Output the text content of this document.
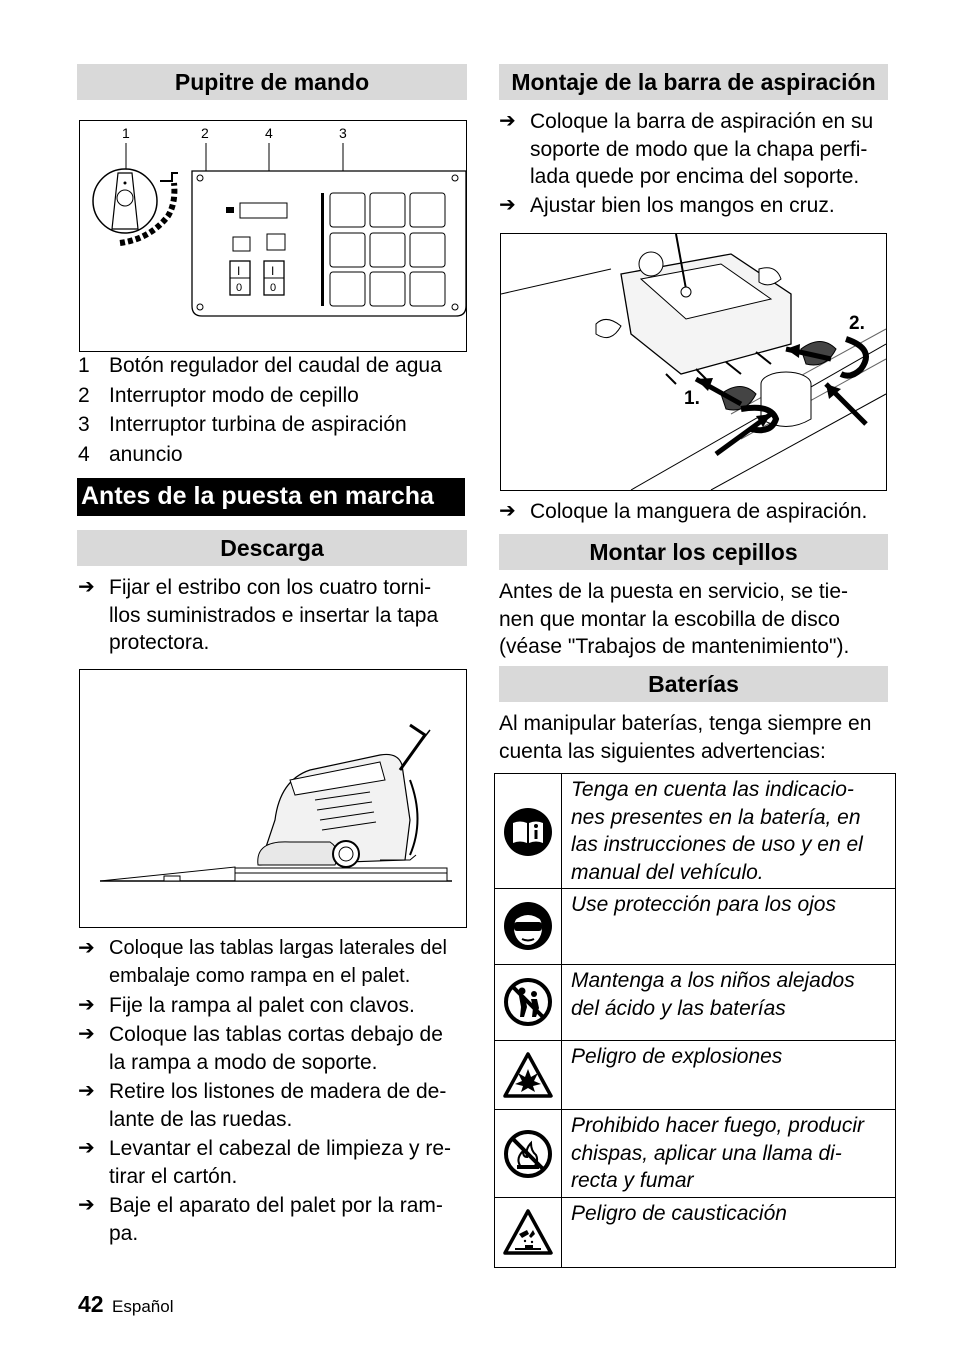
Pupitre de mando
1	2	4	3
I
0
I
0
1 Botón regulador del caudal de agua
2 Interruptor modo de cepillo
3 Interruptor turbina de aspiración
4 anuncio
Antes de la puesta en marcha
Descarga
➔ Fijar el estribo con los cuatro torni-
llos suministrados e insertar la tapa
protectora.
➔ Coloque las tablas largas laterales del
embalaje como rampa en el palet.
➔ Fije la rampa al palet con clavos.
➔ Coloque las tablas cortas debajo de
la rampa a modo de soporte.
➔ Retire los listones de madera de de-
lante de las ruedas.
➔ Levantar el cabezal de limpieza y re-
tirar el cartón.
➔ Baje el aparato del palet por la ram-
pa.
42 Español
Montaje de la barra de aspiración
➔ Coloque la barra de aspiración en su
soporte de modo que la chapa perfi-
lada quede por encima del soporte.
➔ Ajustar bien los mangos en cruz.
2.
1.
➔ Coloque la manguera de aspiración.
Montar los cepillos
Antes de la puesta en servicio, se tie-
nen que montar la escobilla de disco
(véase "Trabajos de mantenimiento").
Baterías
Al manipular baterías, tenga siempre en
cuenta las siguientes advertencias:
Tenga en cuenta las indicacio-
nes presentes en la batería, en
las instrucciones de uso y en el
manual del vehículo.
Use protección para los ojos
Mantenga a los niños alejados
del ácido y las baterías
Peligro de explosiones
Prohibido hacer fuego, producir
chispas, aplicar una llama di-
recta y fumar
Peligro de causticación
